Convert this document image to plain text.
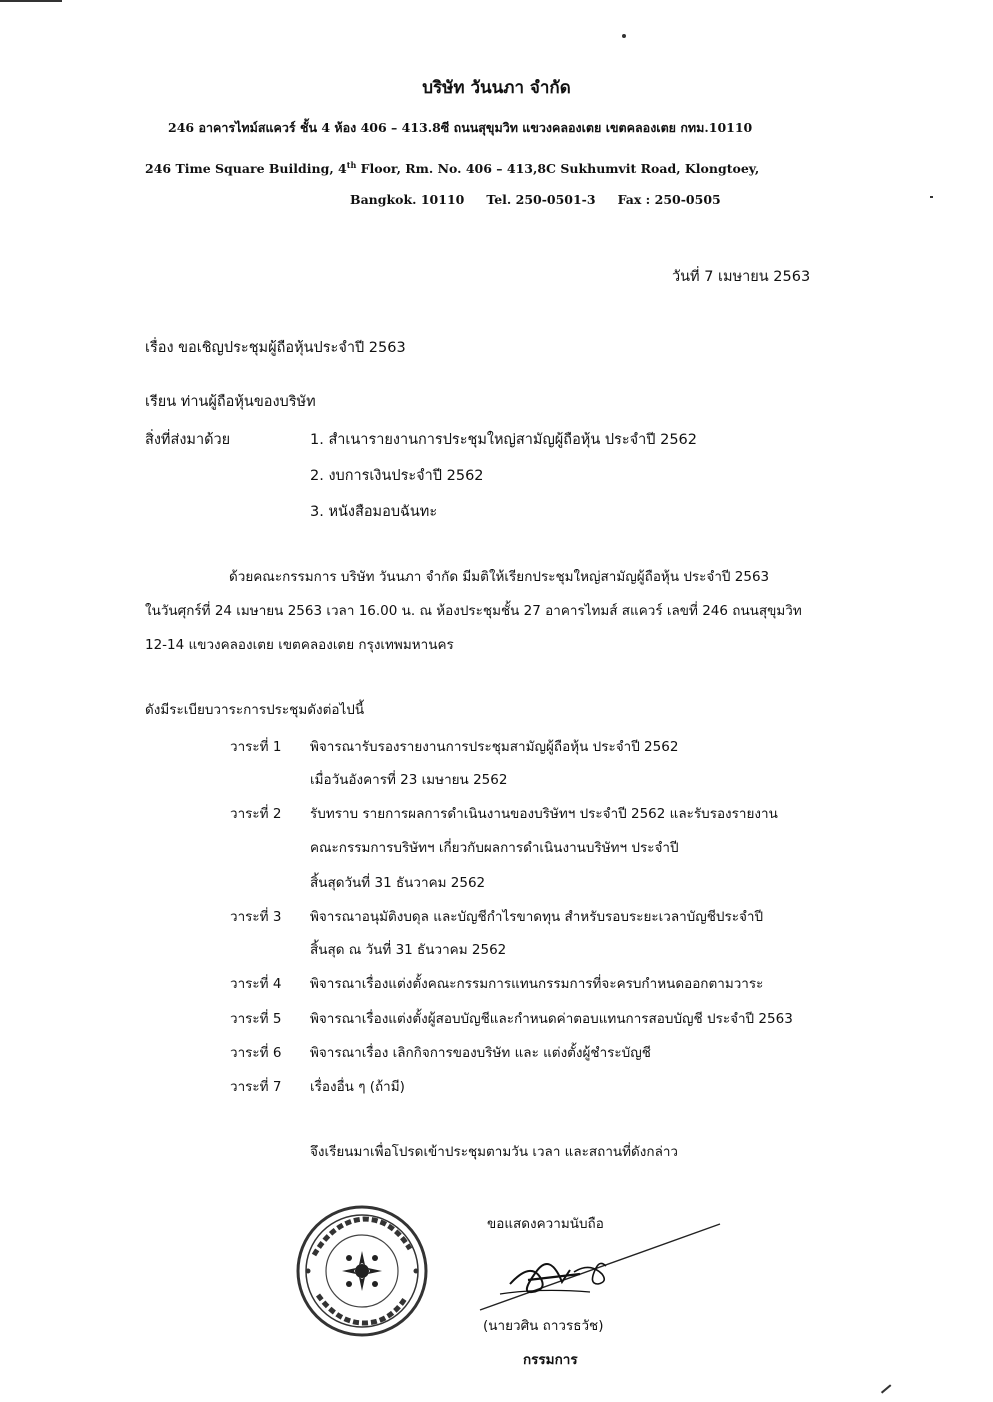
บริษัท วันนภา จำกัด
246 อาคารไทม์สแควร์ ชั้น 4 ห้อง 406 – 413.8ซี ถนนสุขุมวิท แขวงคลองเตย เขตคลองเตย กทม.10110
246 Time Square Building, 4th Floor, Rm. No. 406 – 413,8C Sukhumvit Road, Klongtoey,
Bangkok. 10110 Tel. 250-0501-3 Fax : 250-0505
วันที่ 7 เมษายน 2563
เรื่อง ขอเชิญประชุมผู้ถือหุ้นประจำปี 2563
เรียน ท่านผู้ถือหุ้นของบริษัท
สิ่งที่ส่งมาด้วย	1. สำเนารายงานการประชุมใหญ่สามัญผู้ถือหุ้น ประจำปี 2562
2. งบการเงินประจำปี 2562
3. หนังสือมอบฉันทะ
ด้วยคณะกรรมการ บริษัท วันนภา จำกัด มีมติให้เรียกประชุมใหญ่สามัญผู้ถือหุ้น ประจำปี 2563
ในวันศุกร์ที่ 24 เมษายน 2563 เวลา 16.00 น. ณ ห้องประชุมชั้น 27 อาคารไทมส์ สแควร์ เลขที่ 246 ถนนสุขุมวิท
12-14 แขวงคลองเตย เขตคลองเตย กรุงเทพมหานคร
ดังมีระเบียบวาระการประชุมดังต่อไปนี้
วาระที่ 1 พิจารณารับรองรายงานการประชุมสามัญผู้ถือหุ้น ประจำปี 2562
เมื่อวันอังคารที่ 23 เมษายน 2562
วาระที่ 2 รับทราบ รายการผลการดำเนินงานของบริษัทฯ ประจำปี 2562 และรับรองรายงาน
คณะกรรมการบริษัทฯ เกี่ยวกับผลการดำเนินงานบริษัทฯ ประจำปี
สิ้นสุดวันที่ 31 ธันวาคม 2562
วาระที่ 3 พิจารณาอนุมัติงบดุล และบัญชีกำไรขาดทุน สำหรับรอบระยะเวลาบัญชีประจำปี
สิ้นสุด ณ วันที่ 31 ธันวาคม 2562
วาระที่ 4 พิจารณาเรื่องแต่งตั้งคณะกรรมการแทนกรรมการที่จะครบกำหนดออกตามวาระ
วาระที่ 5 พิจารณาเรื่องแต่งตั้งผู้สอบบัญชีและกำหนดค่าตอบแทนการสอบบัญชี ประจำปี 2563
วาระที่ 6 พิจารณาเรื่อง เลิกกิจการของบริษัท และ แต่งตั้งผู้ชำระบัญชี
วาระที่ 7 เรื่องอื่น ๆ (ถ้ามี)
จึงเรียนมาเพื่อโปรดเข้าประชุมตามวัน เวลา และสถานที่ดังกล่าว
ขอแสดงความนับถือ
(นายวศิน ถาวรธวัช)
กรรมการ
